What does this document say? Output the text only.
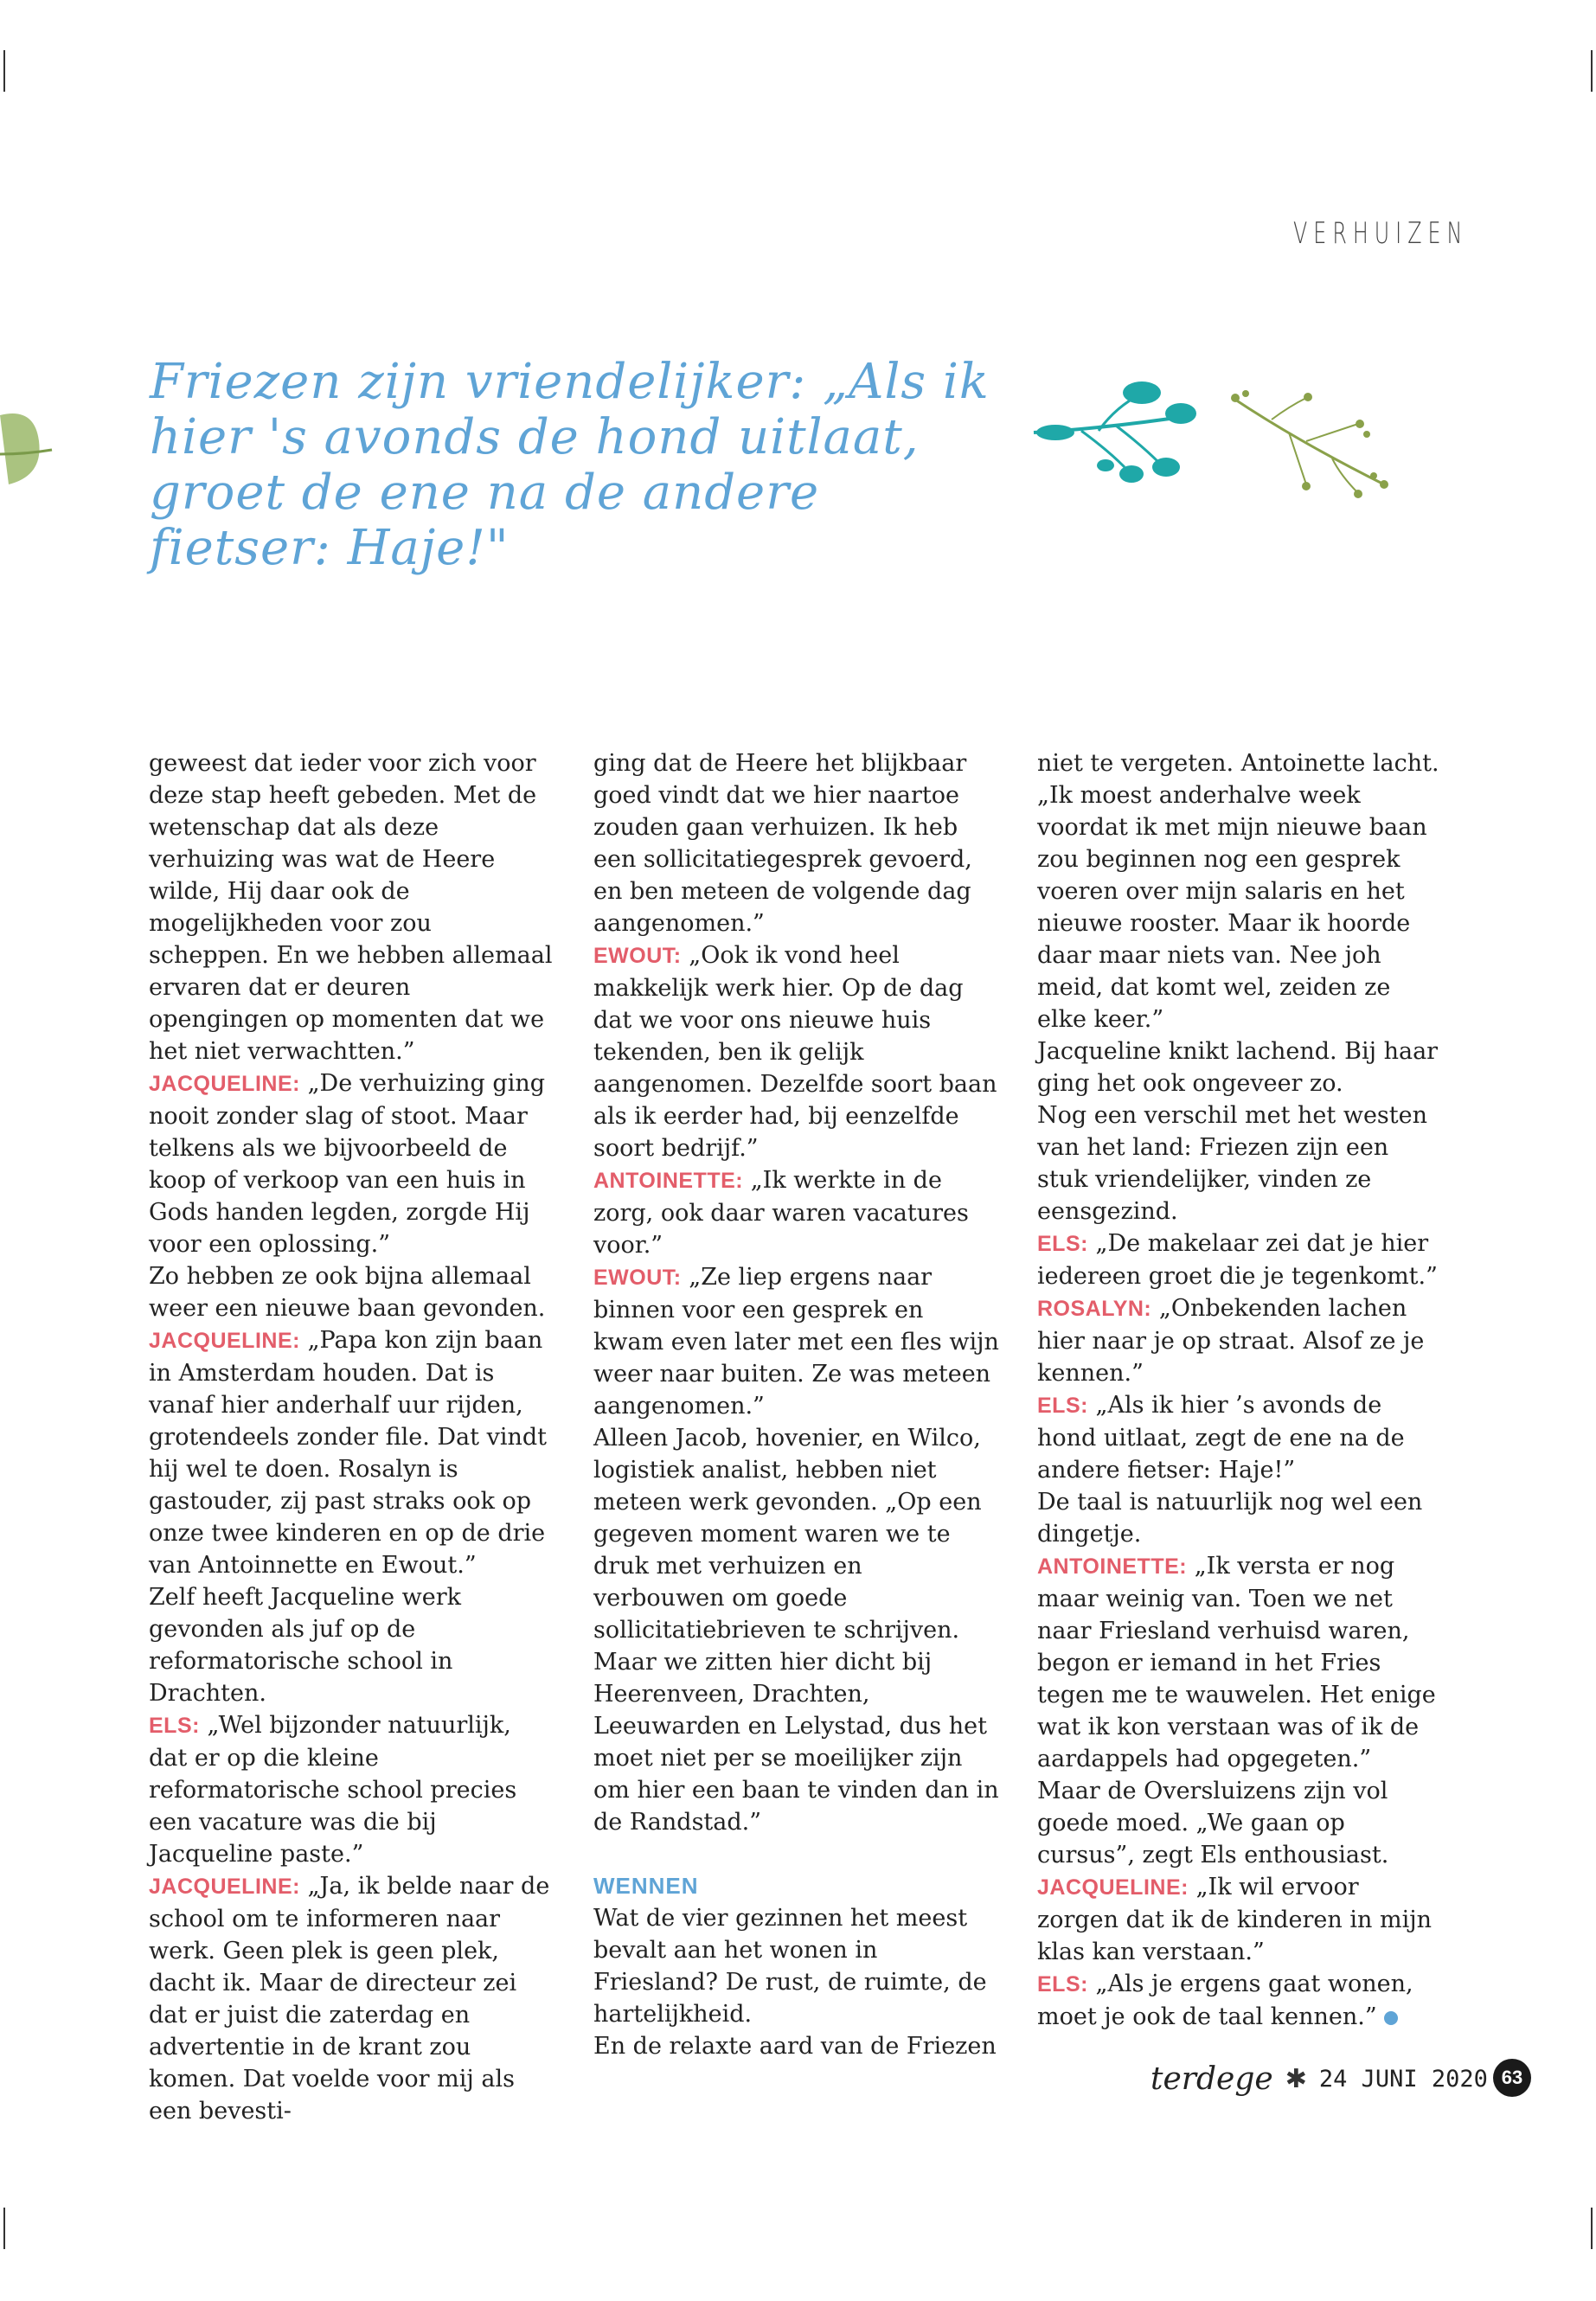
VERHUIZEN
Friezen zijn vriendelijker: „Als ik hier 's avonds de hond uitlaat, groet de ene na de andere fietser: Haje!"

geweest dat ieder voor zich voor deze stap heeft gebeden. Met de wetenschap dat als deze verhuizing was wat de Heere wilde, Hij daar ook de mogelijkheden voor zou scheppen. En we hebben allemaal ervaren dat er deuren opengingen op momenten dat we het niet verwachtten.”

JACQUELINE: „De verhuizing ging nooit zonder slag of stoot. Maar telkens als we bijvoorbeeld de koop of verkoop van een huis in Gods handen legden, zorgde Hij voor een oplossing.”

Zo hebben ze ook bijna allemaal weer een nieuwe baan gevonden.

JACQUELINE: „Papa kon zijn baan in Amsterdam houden. Dat is vanaf hier anderhalf uur rijden, grotendeels zonder file. Dat vindt hij wel te doen. Rosalyn is gastouder, zij past straks ook op onze twee kinderen en op de drie van Antoinnette en Ewout.”

Zelf heeft Jacqueline werk gevonden als juf op de reformatorische school in Drachten.

ELS: „Wel bijzonder natuurlijk, dat er op die kleine reformatorische school precies een vacature was die bij Jacqueline paste.”

JACQUELINE: „Ja, ik belde naar de school om te informeren naar werk. Geen plek is geen plek, dacht ik. Maar de directeur zei dat er juist die zaterdag en advertentie in de krant zou komen. Dat voelde voor mij als een bevesti-

ging dat de Heere het blijkbaar goed vindt dat we hier naartoe zouden gaan verhuizen. Ik heb een sollicitatiegesprek gevoerd, en ben meteen de volgende dag aangenomen.”

EWOUT: „Ook ik vond heel makkelijk werk hier. Op de dag dat we voor ons nieuwe huis tekenden, ben ik gelijk aangenomen. Dezelfde soort baan als ik eerder had, bij eenzelfde soort bedrijf.”

ANTOINETTE: „Ik werkte in de zorg, ook daar waren vacatures voor.”

EWOUT: „Ze liep ergens naar binnen voor een gesprek en kwam even later met een fles wijn weer naar buiten. Ze was meteen aangenomen.”

Alleen Jacob, hovenier, en Wilco, logistiek analist, hebben niet meteen werk gevonden. „Op een gegeven moment waren we te druk met verhuizen en verbouwen om goede sollicitatiebrieven te schrijven. Maar we zitten hier dicht bij Heerenveen, Drachten, Leeuwarden en Lelystad, dus het moet niet per se moeilijker zijn om hier een baan te vinden dan in de Randstad.”

WENNEN

Wat de vier gezinnen het meest bevalt aan het wonen in Friesland? De rust, de ruimte, de hartelijkheid.

En de relaxte aard van de Friezen

niet te vergeten. Antoinette lacht. „Ik moest anderhalve week voordat ik met mijn nieuwe baan zou beginnen nog een gesprek voeren over mijn salaris en het nieuwe rooster. Maar ik hoorde daar maar niets van. Nee joh meid, dat komt wel, zeiden ze elke keer.”

Jacqueline knikt lachend. Bij haar ging het ook ongeveer zo.

Nog een verschil met het westen van het land: Friezen zijn een stuk vriendelijker, vinden ze eensgezind.

ELS: „De makelaar zei dat je hier iedereen groet die je tegenkomt.”

ROSALYN: „Onbekenden lachen hier naar je op straat. Alsof ze je kennen.”

ELS: „Als ik hier ’s avonds de hond uitlaat, zegt de ene na de andere fietser: Haje!”

De taal is natuurlijk nog wel een dingetje.

ANTOINETTE: „Ik versta er nog maar weinig van. Toen we net naar Friesland verhuisd waren, begon er iemand in het Fries tegen me te wauwelen. Het enige wat ik kon verstaan was of ik de aardappels had opgegeten.”

Maar de Oversluizens zijn vol goede moed. „We gaan op cursus”, zegt Els enthousiast.

JACQUELINE: „Ik wil ervoor zorgen dat ik de kinderen in mijn klas kan verstaan.”

ELS: „Als je ergens gaat wonen, moet je ook de taal kennen.”

terdege ✱ 24 JUNI 2020 63
